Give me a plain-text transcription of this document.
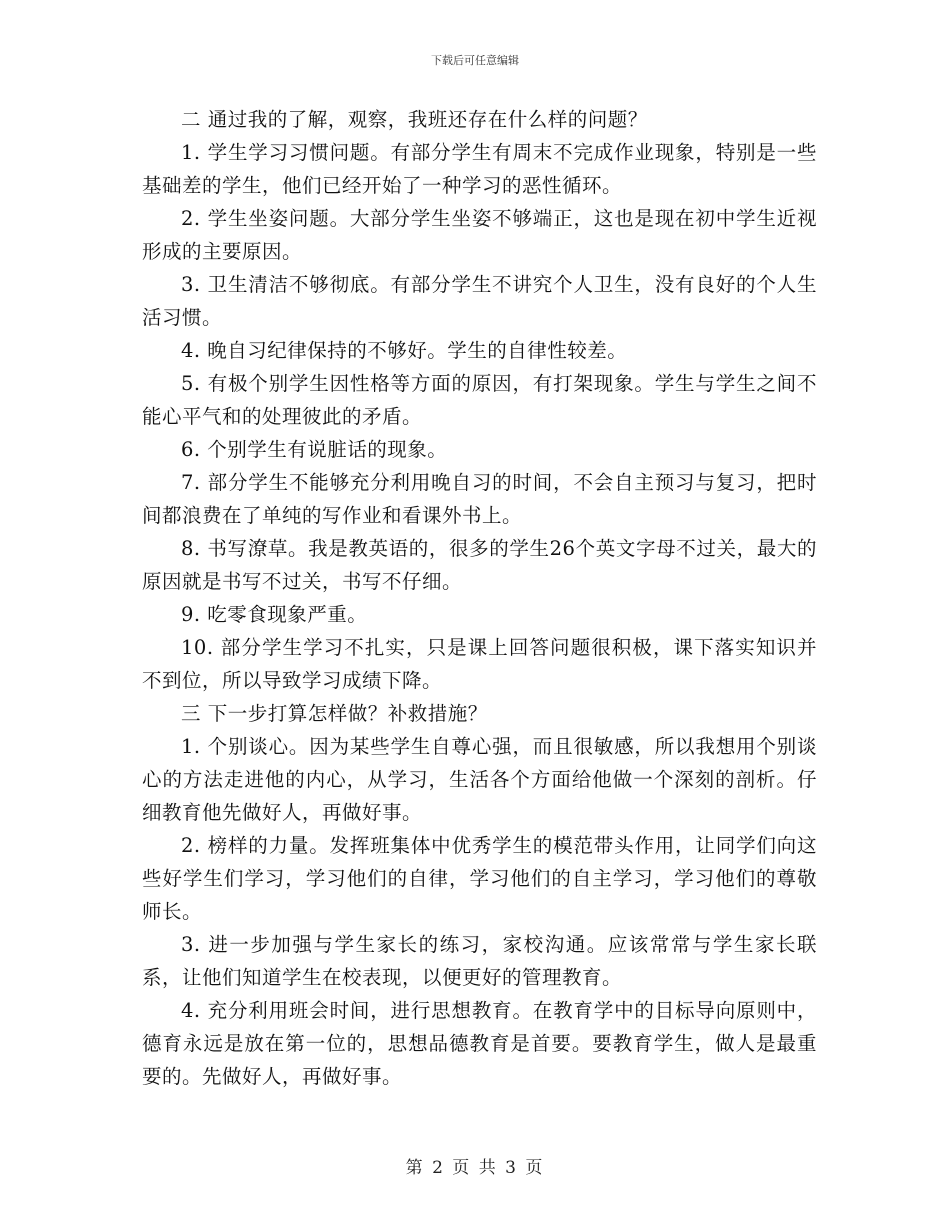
下载后可任意编辑

二 通过我的了解，观察，我班还存在什么样的问题？

1. 学生学习习惯问题。有部分学生有周末不完成作业现象，特别是一些基础差的学生，他们已经开始了一种学习的恶性循环。

2. 学生坐姿问题。大部分学生坐姿不够端正，这也是现在初中学生近视形成的主要原因。

3. 卫生清洁不够彻底。有部分学生不讲究个人卫生，没有良好的个人生活习惯。

4. 晚自习纪律保持的不够好。学生的自律性较差。

5. 有极个别学生因性格等方面的原因，有打架现象。学生与学生之间不能心平气和的处理彼此的矛盾。

6. 个别学生有说脏话的现象。

7. 部分学生不能够充分利用晚自习的时间，不会自主预习与复习，把时间都浪费在了单纯的写作业和看课外书上。

8. 书写潦草。我是教英语的，很多的学生26个英文字母不过关，最大的原因就是书写不过关，书写不仔细。

9. 吃零食现象严重。

10. 部分学生学习不扎实，只是课上回答问题很积极，课下落实知识并不到位，所以导致学习成绩下降。

三 下一步打算怎样做？补救措施？

1. 个别谈心。因为某些学生自尊心强，而且很敏感，所以我想用个别谈心的方法走进他的内心，从学习，生活各个方面给他做一个深刻的剖析。仔细教育他先做好人，再做好事。

2. 榜样的力量。发挥班集体中优秀学生的模范带头作用，让同学们向这些好学生们学习，学习他们的自律，学习他们的自主学习，学习他们的尊敬师长。

3. 进一步加强与学生家长的练习，家校沟通。应该常常与学生家长联系，让他们知道学生在校表现，以便更好的管理教育。

4. 充分利用班会时间，进行思想教育。在教育学中的目标导向原则中，德育永远是放在第一位的，思想品德教育是首要。要教育学生，做人是最重要的。先做好人，再做好事。

第 2 页 共 3 页
